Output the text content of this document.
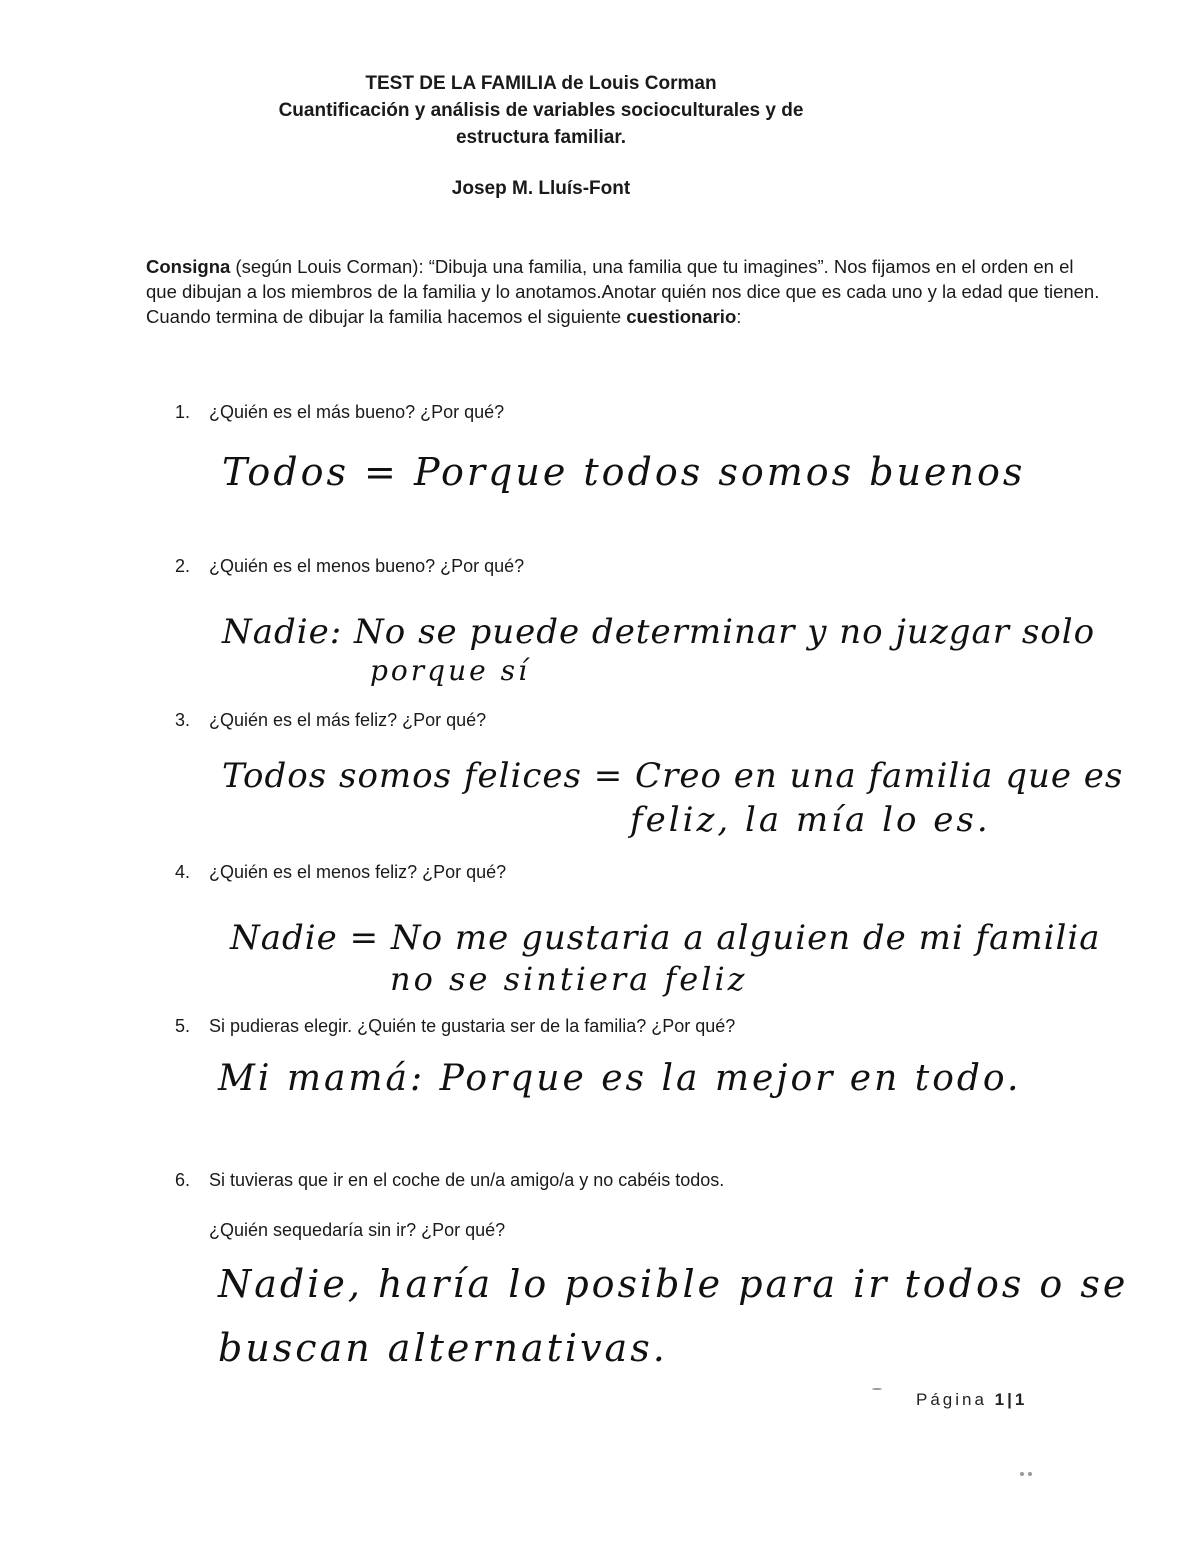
TEST DE LA FAMILIA de Louis Corman
Cuantificación y análisis de variables socioculturales y de
estructura familiar.
Josep M. Lluís-Font
Consigna (según Louis Corman): “Dibuja una familia, una familia que tu imagines”. Nos fijamos en el orden en el que dibujan a los miembros de la familia y lo anotamos.Anotar quién nos dice que es cada uno y la edad que tienen. Cuando termina de dibujar la familia hacemos el siguiente cuestionario:
1. ¿Quién es el más bueno? ¿Por qué?
Todos = Porque todos somos buenos
2. ¿Quién es el menos bueno? ¿Por qué?
Nadie: No se puede determinar y no juzgar solo
porque sí
3. ¿Quién es el más feliz? ¿Por qué?
Todos somos felices = Creo en una familia que es
feliz, la mía lo es.
4. ¿Quién es el menos feliz? ¿Por qué?
Nadie = No me gustaria a alguien de mi familia
no se sintiera feliz
5. Si pudieras elegir. ¿Quién te gustaria ser de la familia? ¿Por qué?
Mi mamá: Porque es la mejor en todo.
6. Si tuvieras que ir en el coche de un/a amigo/a y no cabéis todos.
¿Quién sequedaría sin ir? ¿Por qué?
Nadie, haría lo posible para ir todos o se
buscan alternativas.
Página 1|1
